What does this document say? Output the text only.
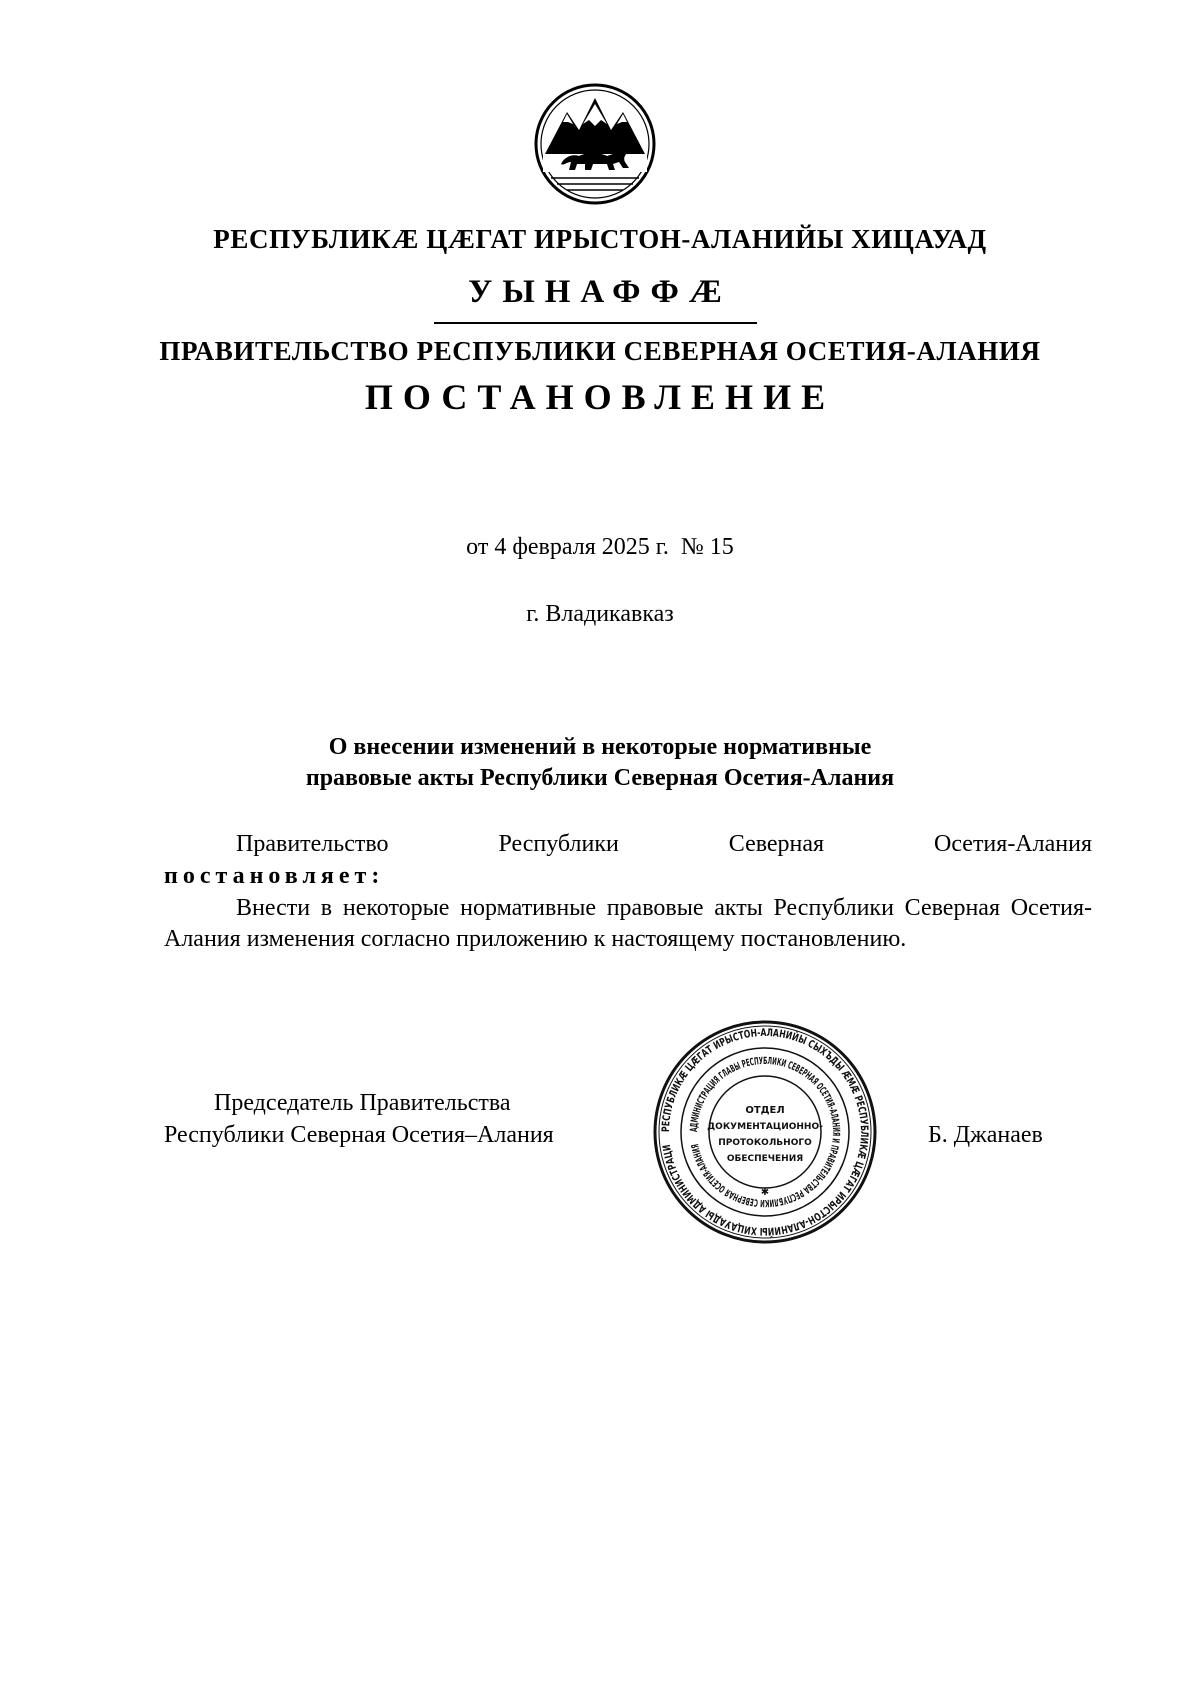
РЕСПУБЛИКÆ ЦÆГАТ ИРЫСТОН-АЛАНИЙЫ ХИЦАУАД
УЫНАФФÆ
ПРАВИТЕЛЬСТВО РЕСПУБЛИКИ СЕВЕРНАЯ ОСЕТИЯ-АЛАНИЯ
ПОСТАНОВЛЕНИЕ
от 4 февраля 2025 г. № 15
г. Владикавказ
О внесении изменений в некоторые нормативные
правовые акты Республики Северная Осетия-Алания
Правительство Республики Северная Осетия-Алания
постановляет:
Внести в некоторые нормативные правовые акты Республики Северная Осетия-Алания изменения согласно приложению к настоящему постановлению.
Председатель Правительства
Республики Северная Осетия–Алания	Б. Джанаев
РЕСПУБЛИКÆ ЦÆГАТ ИРЫСТОН-АЛАНИЙЫ СЫХЪДЫ ÆМÆ РЕСПУБЛИКÆ ЦÆГАТ ИРЫСТОН-АЛАНИЙЫ ХИЦАУАДЫ АДМИНИСТРАЦИ
АДМИНИСТРАЦИЯ ГЛАВЫ РЕСПУБЛИКИ СЕВЕРНАЯ ОСЕТИЯ-АЛАНИЯ И ПРАВИТЕЛЬСТВА РЕСПУБЛИКИ СЕВЕРНАЯ ОСЕТИЯ-АЛАНИЯ
ОТДЕЛ
ДОКУМЕНТАЦИОННО-
ПРОТОКОЛЬНОГО
ОБЕСПЕЧЕНИЯ
✱
